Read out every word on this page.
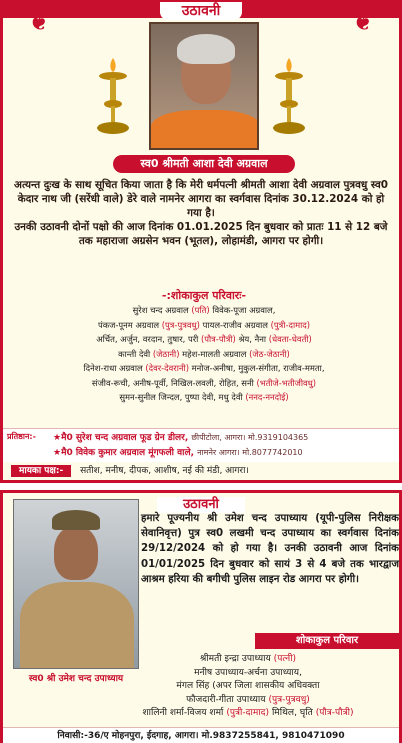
उठावनी
❦	❦
स्व0 श्रीमती आशा देवी अग्रवाल

अत्यन्त दुःख के साथ सूचित किया जाता है कि मेरी धर्मपत्नी श्रीमती आशा देवी अग्रवाल पुत्रवधु स्व0 केदार नाथ जी (सरेंधी वाले) डेरे वाले नामनेर आगरा का स्वर्गवास दिनांक 30.12.2024 को हो गया है।

उनकी उठावनी दोनों पक्षो की आज दिनांक 01.01.2025 दिन बुधवार को प्रातः 11 से 12 बजे तक महाराजा अग्रसेन भवन (भूतल), लोहामंडी, आगरा पर होगी।

-:शोकाकुल परिवारः-
सुरेश चन्द अग्रवाल (पति) विवेक-पूजा अग्रवाल,
पंकज-पूनम अग्रवाल (पुत्र-पुत्रवधु) पायल-राजीव अग्रवाल (पुत्री-दामाद)
अर्चित, अर्जुन, वरदान, तुषार, परी (पौत्र-पौत्री) श्रेय, नैना (धेवता-धेवती)
कान्ती देवी (जेठानी) महेश-मालती अग्रवाल (जेठ-जेठानी)
दिनेश-राधा अग्रवाल (देवर-देवरानी) मनोज-अनीषा, मुकुल-संगीता, राजीव-ममता,
संजीव-रूची, अनीष-पूर्वी, निखिल-लवली, रोहित, सनी (भतीजे-भतीजीवधु)
सुमन-सुनील जिन्दल, पुष्पा देवी, मधु देवी (ननद-ननदोई)
प्रतिष्ठान:- ★मै0 सुरेश चन्द अग्रवाल फूड ग्रेन डीलर, छीपीटोला, आगरा। मो.9319104365
★मै0 विवेक कुमार अग्रवाल मूंगफली वाले, नामनेर आगरा। मो.8077742010
मायका पक्ष:- सतीश, मनीष, दीपक, आशीष, नई की मंडी, आगरा।
उठावनी
स्व0 श्री उमेश चन्द उपाध्याय
हमारे पूज्यनीय श्री उमेश चन्द उपाध्याय (यूपी-पुलिस निरीक्षक सेवानिवृत्त) पुत्र स्व0 लखमी चन्द उपाध्याय का स्वर्गवास दिनांक 29/12/2024 को हो गया है। उनकी उठावनी आज दिनांक 01/01/2025 दिन बुधवार को सायं 3 से 4 बजे तक भारद्वाज आश्रम हरिया की बगीची पुलिस लाइन रोड आगरा पर होगी।
शोकाकुल परिवार
श्रीमती इन्द्रा उपाध्याय (पत्नी)
मनीष उपाध्याय-अर्चना उपाध्याय,
मंगल सिंह (अपर जिला शासकीय अधिवक्ता
फौजदारी-गीता उपाध्याय (पुत्र-पुत्रवधु)
शालिनी शर्मा-विजय शर्मा (पुत्री-दामाद) मिथिल, घृति (पौत्र-पौत्री)
निवासी:-36/ए मोहनपुरा, ईदगाह, आगरा। मो.9837255841, 9810471090
